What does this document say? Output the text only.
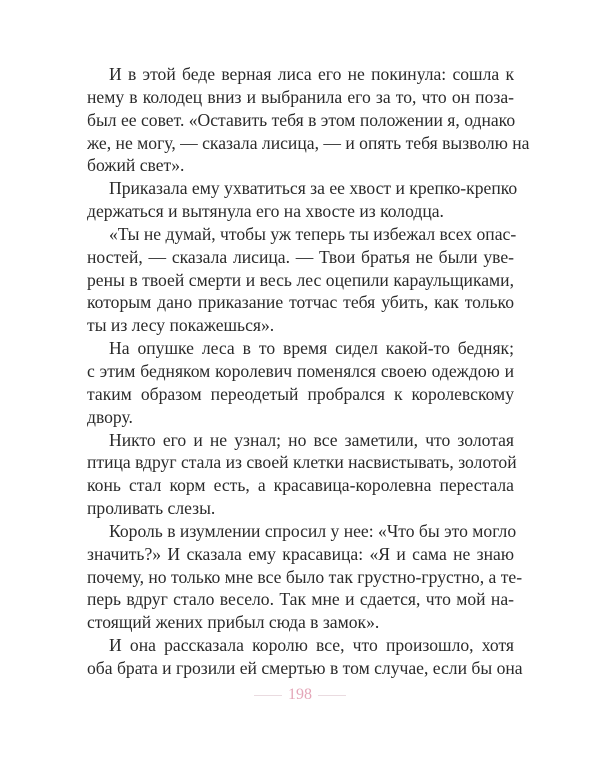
И в этой беде верная лиса его не покинула: сошла к
нему в колодец вниз и выбранила его за то, что он поза-
был ее совет. «Оставить тебя в этом положении я, однако
же, не могу, — сказала лисица, — и опять тебя вызволю на
божий свет».
Приказала ему ухватиться за ее хвост и крепко-крепко
держаться и вытянула его на хвосте из колодца.
«Ты не думай, чтобы уж теперь ты избежал всех опас-
ностей, — сказала лисица. — Твои братья не были уве-
рены в твоей смерти и весь лес оцепили караульщиками,
которым дано приказание тотчас тебя убить, как только
ты из лесу покажешься».
На опушке леса в то время сидел какой-то бедняк;
с этим бедняком королевич поменялся своею одеждою и
таким образом переодетый пробрался к королевскому
двору.
Никто его и не узнал; но все заметили, что золотая
птица вдруг стала из своей клетки насвистывать, золотой
конь стал корм есть, а красавица-королевна перестала
проливать слезы.
Король в изумлении спросил у нее: «Что бы это могло
значить?» И сказала ему красавица: «Я и сама не знаю
почему, но только мне все было так грустно-грустно, а те-
перь вдруг стало весело. Так мне и сдается, что мой на-
стоящий жених прибыл сюда в замок».
И она рассказала королю все, что произошло, хотя
оба брата и грозили ей смертью в том случае, если бы она
198
